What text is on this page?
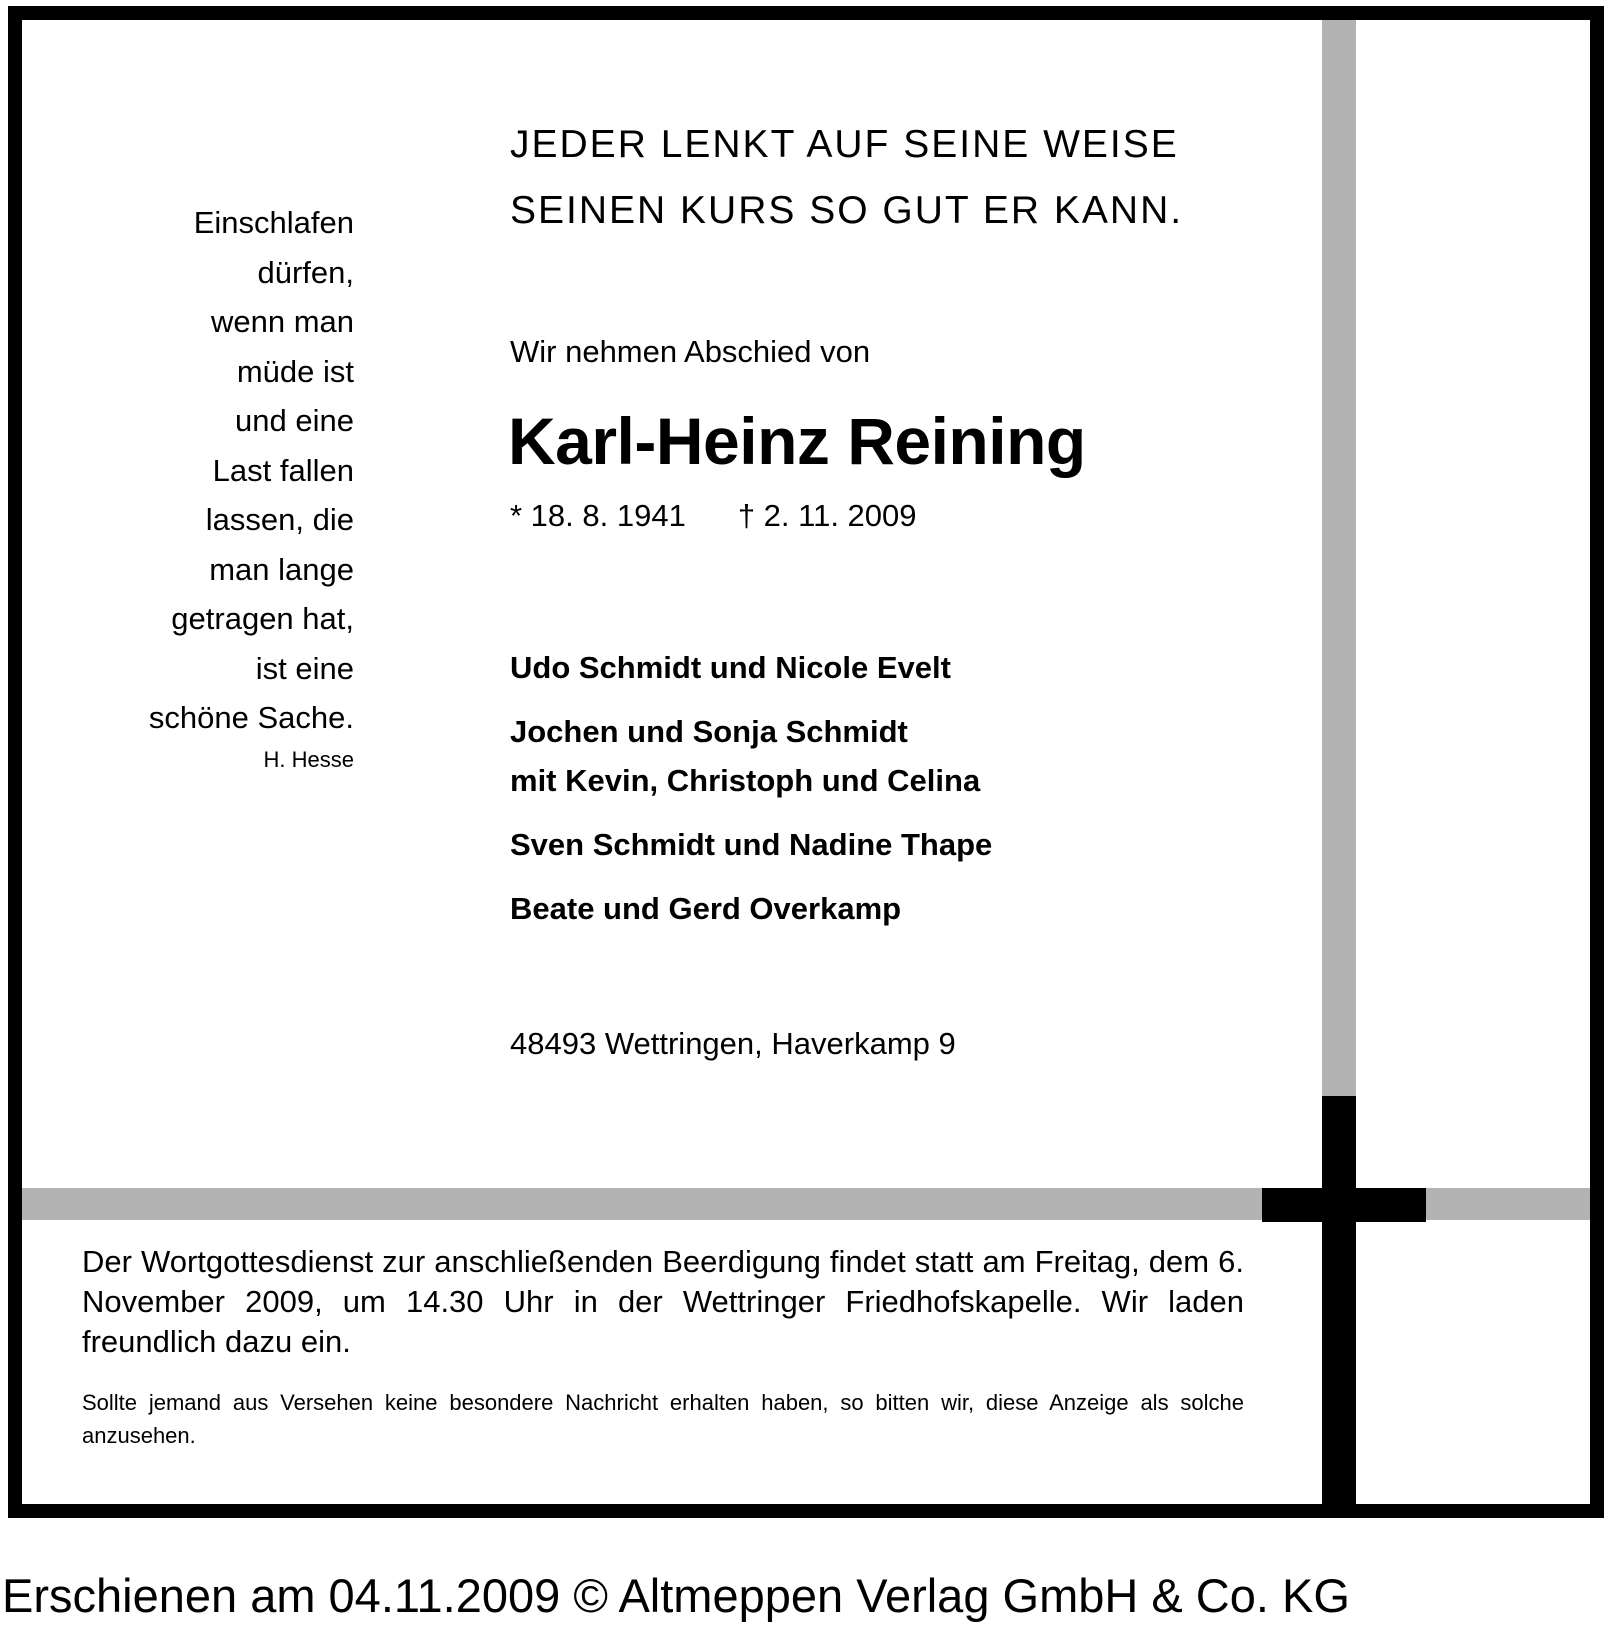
Einschlafen
dürfen,
wenn man
müde ist
und eine
Last fallen
lassen, die
man lange
getragen hat,
ist eine
schöne Sache.
H. Hesse
JEDER LENKT AUF SEINE WEISE
SEINEN KURS SO GUT ER KANN.
Wir nehmen Abschied von
Karl-Heinz Reining
* 18. 8. 1941 † 2. 11. 2009
Udo Schmidt und Nicole Evelt
Jochen und Sonja Schmidt
mit Kevin, Christoph und Celina
Sven Schmidt und Nadine Thape
Beate und Gerd Overkamp
48493 Wettringen, Haverkamp 9
Der Wortgottesdienst zur anschließenden Beerdigung findet statt am Freitag, dem 6. November 2009, um 14.30 Uhr in der Wettringer Friedhofskapelle. Wir laden freundlich dazu ein.
Sollte jemand aus Versehen keine besondere Nachricht erhalten haben, so bitten wir, diese Anzeige als solche anzusehen.
Erschienen am 04.11.2009 © Altmeppen Verlag GmbH & Co. KG
